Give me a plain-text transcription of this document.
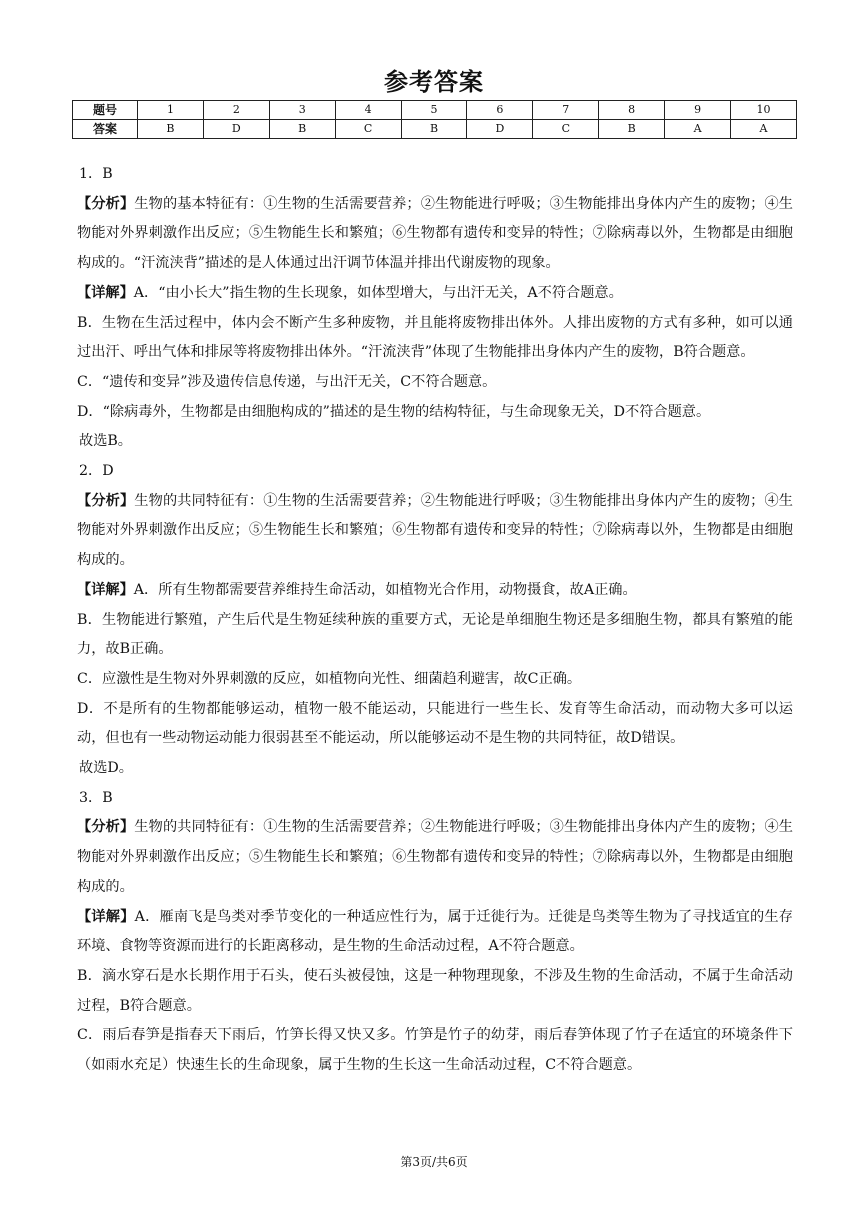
参考答案
题号	1	2	3	4	5	6	7	8	9	10
答案	B	D	B	C	B	D	C	B	A	A

1．B

【分析】生物的基本特征有：①生物的生活需要营养；②生物能进行呼吸；③生物能排出身体内产生的废物；④生物能对外界刺激作出反应；⑤生物能生长和繁殖；⑥生物都有遗传和变异的特性；⑦除病毒以外，生物都是由细胞构成的。“汗流浃背”描述的是人体通过出汗调节体温并排出代谢废物的现象。

【详解】A．“由小长大”指生物的生长现象，如体型增大，与出汗无关，A不符合题意。

B．生物在生活过程中，体内会不断产生多种废物，并且能将废物排出体外。人排出废物的方式有多种，如可以通过出汗、呼出气体和排尿等将废物排出体外。“汗流浃背”体现了生物能排出身体内产生的废物，B符合题意。

C．“遗传和变异”涉及遗传信息传递，与出汗无关，C不符合题意。

D．“除病毒外，生物都是由细胞构成的”描述的是生物的结构特征，与生命现象无关，D不符合题意。

故选B。

2．D

【分析】生物的共同特征有：①生物的生活需要营养；②生物能进行呼吸；③生物能排出身体内产生的废物；④生物能对外界刺激作出反应；⑤生物能生长和繁殖；⑥生物都有遗传和变异的特性；⑦除病毒以外，生物都是由细胞构成的。

【详解】A．所有生物都需要营养维持生命活动，如植物光合作用，动物摄食，故A正确。

B．生物能进行繁殖，产生后代是生物延续种族的重要方式，无论是单细胞生物还是多细胞生物，都具有繁殖的能力，故B正确。

C．应激性是生物对外界刺激的反应，如植物向光性、细菌趋利避害，故C正确。

D．不是所有的生物都能够运动，植物一般不能运动，只能进行一些生长、发育等生命活动，而动物大多可以运动，但也有一些动物运动能力很弱甚至不能运动，所以能够运动不是生物的共同特征，故D错误。

故选D。

3．B

【分析】生物的共同特征有：①生物的生活需要营养；②生物能进行呼吸；③生物能排出身体内产生的废物；④生物能对外界刺激作出反应；⑤生物能生长和繁殖；⑥生物都有遗传和变异的特性；⑦除病毒以外，生物都是由细胞构成的。

【详解】A．雁南飞是鸟类对季节变化的一种适应性行为，属于迁徙行为。迁徙是鸟类等生物为了寻找适宜的生存环境、食物等资源而进行的长距离移动，是生物的生命活动过程，A不符合题意。

B．滴水穿石是水长期作用于石头，使石头被侵蚀，这是一种物理现象，不涉及生物的生命活动，不属于生命活动过程，B符合题意。

C．雨后春笋是指春天下雨后，竹笋长得又快又多。竹笋是竹子的幼芽，雨后春笋体现了竹子在适宜的环境条件下（如雨水充足）快速生长的生命现象，属于生物的生长这一生命活动过程，C不符合题意。

第3页/共6页
